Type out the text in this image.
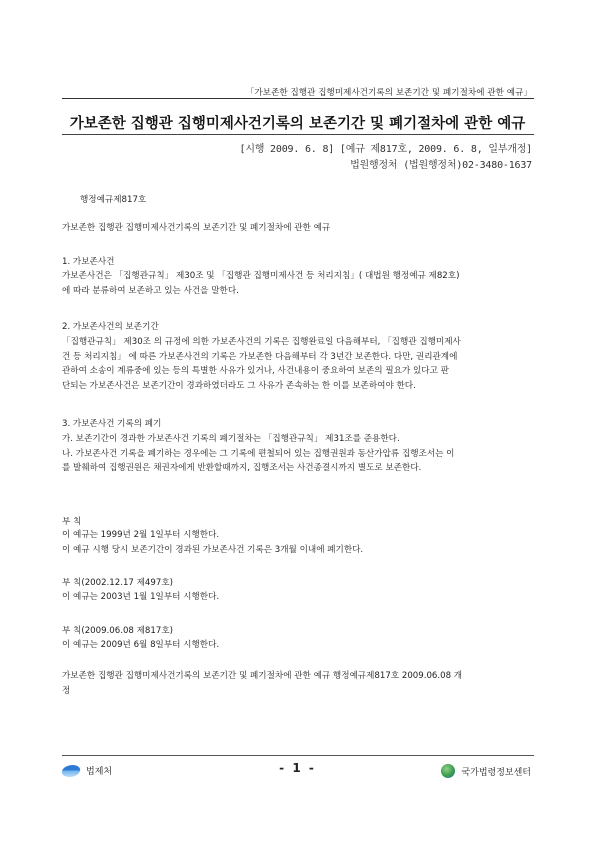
「가보존한 집행관 집행미제사건기록의 보존기간 및 폐기절차에 관한 예규」
가보존한 집행관 집행미제사건기록의 보존기간 및 폐기절차에 관한 예규
[시행 2009. 6. 8] [예규 제817호, 2009. 6. 8, 일부개정]
법원행정처 (법원행정처)02-3480-1637
행정예규제817호
가보존한 집행관 집행미제사건기록의 보존기간 및 폐기절차에 관한 예규
1. 가보존사건
가보존사건은 「집행관규칙」 제30조 및 「집행관 집행미제사건 등 처리지침」( 대법원 행정예규 제82호)
에 따라 분류하여 보존하고 있는 사건을 말한다.
2. 가보존사건의 보존기간
「집행관규칙」 제30조 의 규정에 의한 가보존사건의 기록은 집행완료일 다음해부터, 「집행관 집행미제사
건 등 처리지침」 에 따른 가보존사건의 기록은 가보존한 다음해부터 각 3년간 보존한다. 다만, 권리관계에
관하여 소송이 계류중에 있는 등의 특별한 사유가 있거나, 사건내용이 중요하여 보존의 필요가 있다고 판
단되는 가보존사건은 보존기간이 경과하였더라도 그 사유가 존속하는 한 이를 보존하여야 한다.
3. 가보존사건 기록의 폐기
가. 보존기간이 경과한 가보존사건 기록의 폐기절차는 「집행관규칙」 제31조를 준용한다.
나. 가보존사건 기록을 폐기하는 경우에는 그 기록에 편철되어 있는 집행권원과 동산가압류 집행조서는 이
를 발췌하여 집행권원은 채권자에게 반환할때까지, 집행조서는 사건종결시까지 별도로 보존한다.
부 칙
이 예규는 1999년 2월 1일부터 시행한다.
이 예규 시행 당시 보존기간이 경과된 가보존사건 기록은 3개월 이내에 폐기한다.
부 칙(2002.12.17 제497호)
이 예규는 2003년 1월 1일부터 시행한다.
부 칙(2009.06.08 제817호)
이 예규는 2009년 6월 8일부터 시행한다.
가보존한 집행관 집행미제사건기록의 보존기간 및 폐기절차에 관한 예규 행정예규제817호 2009.06.08 개
정
법제처	- 1 -	국가법령정보센터
